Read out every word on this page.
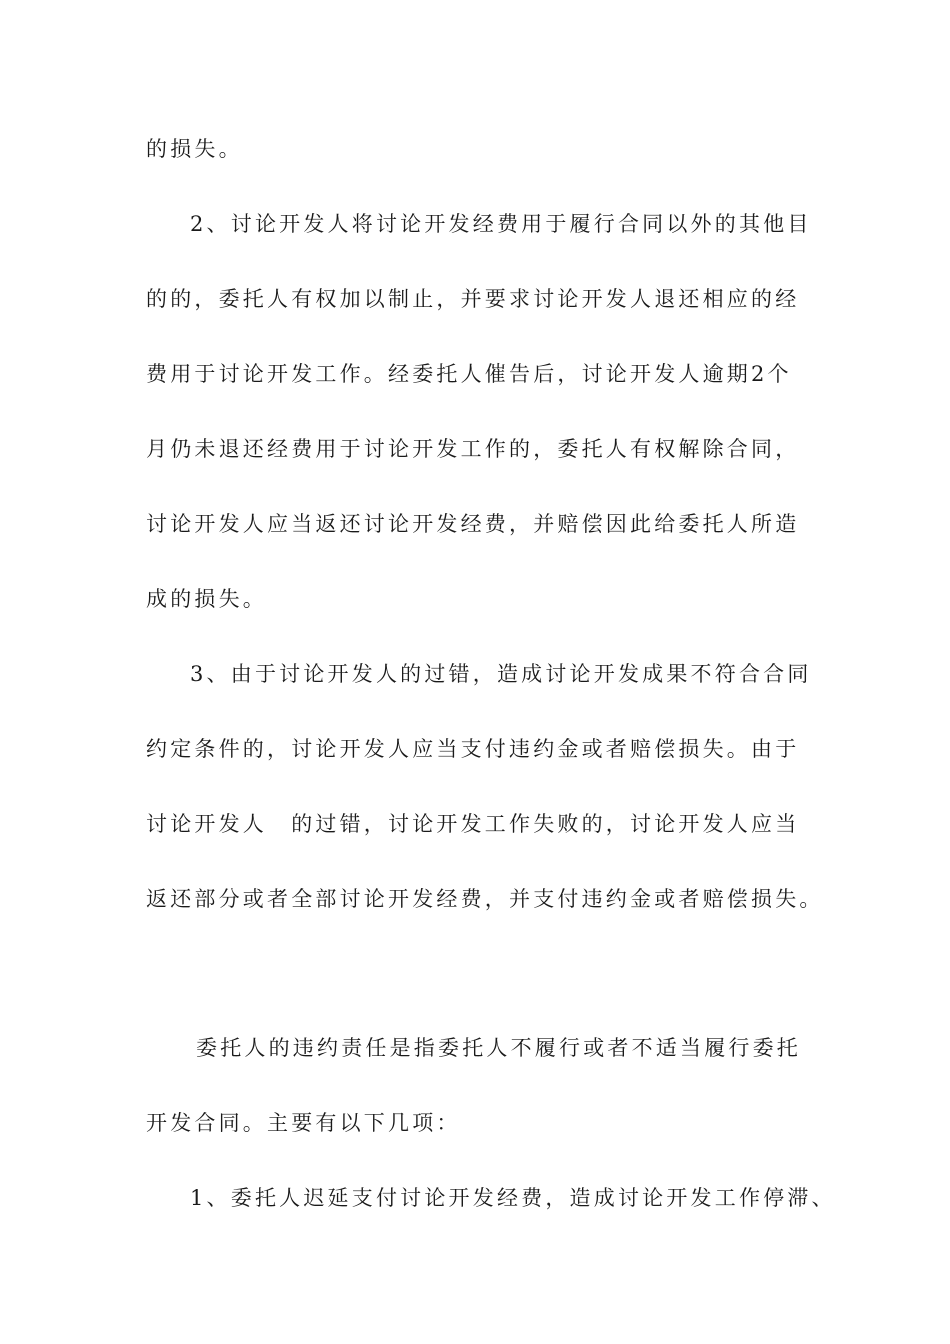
的损失。
2、讨论开发人将讨论开发经费用于履行合同以外的其他目
的的，委托人有权加以制止，并要求讨论开发人退还相应的经
费用于讨论开发工作。经委托人催告后，讨论开发人逾期2个
月仍未退还经费用于讨论开发工作的，委托人有权解除合同，
讨论开发人应当返还讨论开发经费，并赔偿因此给委托人所造
成的损失。
3、由于讨论开发人的过错，造成讨论开发成果不符合合同
约定条件的，讨论开发人应当支付违约金或者赔偿损失。由于
讨论开发人　的过错，讨论开发工作失败的，讨论开发人应当
返还部分或者全部讨论开发经费，并支付违约金或者赔偿损失。
委托人的违约责任是指委托人不履行或者不适当履行委托
开发合同。主要有以下几项：
1、委托人迟延支付讨论开发经费，造成讨论开发工作停滞、
